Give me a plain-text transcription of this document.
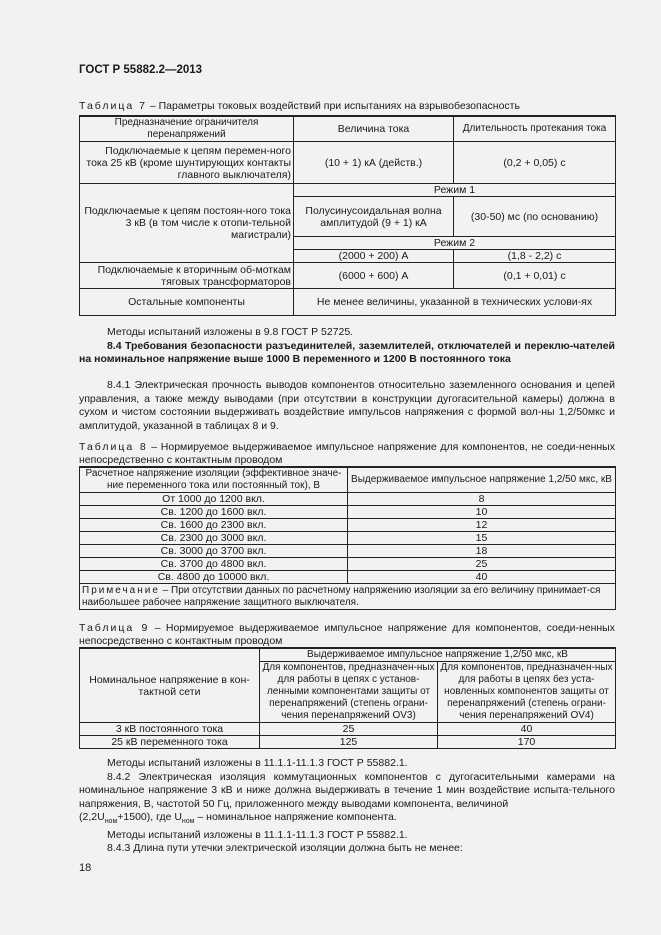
ГОСТ Р 55882.2—2013
Таблица 7 – Параметры токовых воздействий при испытаниях на взрывобезопасность
Предназначение ограничителя перенапряжений	Величина тока	Длительность протекания тока
Подключаемые к цепям перемен-ного тока 25 кВ (кроме шунтирующих контакты главного выключателя)	(10 + 1) кА (действ.)	(0,2 + 0,05) с
Подключаемые к цепям постоян-ного тока 3 кВ (в том числе к отопи-тельной магистрали)	Режим 1	
	Полусинусоидальная волна амплитудой (9 + 1) кА	(30-50) мс (по основанию)
	Режим 2	
	(2000 + 200) А	(1,8 - 2,2) с
Подключаемые к вторичным об-моткам тяговых трансформаторов	(6000 + 600) А	(0,1 + 0,01) с
Остальные компоненты	Не менее величины, указанной в технических услови-ях	
Методы испытаний изложены в 9.8 ГОСТ Р 52725.
8.4 Требования безопасности разъединителей, заземлителей, отключателей и переклю-чателей на номинальное напряжение выше 1000 В переменного и 1200 В постоянного тока
8.4.1 Электрическая прочность выводов компонентов относительно заземленного основания и цепей управления, а также между выводами (при отсутствии в конструкции дугогасительной камеры) должна в сухом и чистом состоянии выдерживать воздействие импульсов напряжения с формой вол-ны 1,2/50мкс и амплитудой, указанной в таблицах 8 и 9.
Таблица 8 – Нормируемое выдерживаемое импульсное напряжение для компонентов, не соеди-ненных непосредственно с контактным проводом
Расчетное напряжение изоляции (эффективное значе-ние переменного тока или постоянный ток), В	Выдерживаемое импульсное напряжение 1,2/50 мкс, кВ
От 1000 до 1200 вкл.	8
Св. 1200 до 1600 вкл.	10
Св. 1600 до 2300 вкл.	12
Св. 2300 до 3000 вкл.	15
Св. 3000 до 3700 вкл.	18
Св. 3700 до 4800 вкл.	25
Св. 4800 до 10000 вкл.	40
Примечание – При отсутствии данных по расчетному напряжению изоляции за его величину принимает-ся наибольшее рабочее напряжение защитного выключателя.	
Таблица 9 – Нормируемое выдерживаемое импульсное напряжение для компонентов, соеди-ненных непосредственно с контактным проводом
Номинальное напряжение в кон-тактной сети	Выдерживаемое импульсное напряжение 1,2/50 мкс, кВ	
	Для компонентов, предназначен-ных для работы в цепях с установ-ленными компонентами защиты от перенапряжений (степень ограни-чения перенапряжений OV3)	Для компонентов, предназначен-ных для работы в цепях без уста-новленных компонентов защиты от перенапряжений (степень ограни-чения перенапряжений OV4)
3 кВ постоянного тока	25	40
25 кВ переменного тока	125	170
Методы испытаний изложены в 11.1.1-11.1.3 ГОСТ Р 55882.1.
8.4.2 Электрическая изоляция коммутационных компонентов с дугогасительными камерами на номинальное напряжение 3 кВ и ниже должна выдерживать в течение 1 мин воздействие испыта-тельного напряжения, В, частотой 50 Гц, приложенного между выводами компонента, величиной
$(2,2U_{ном}+1500)$, где $U_{ном}$ – номинальное напряжение компонента.
Методы испытаний изложены в 11.1.1-11.1.3 ГОСТ Р 55882.1.
8.4.3 Длина пути утечки электрической изоляции должна быть не менее:
18
